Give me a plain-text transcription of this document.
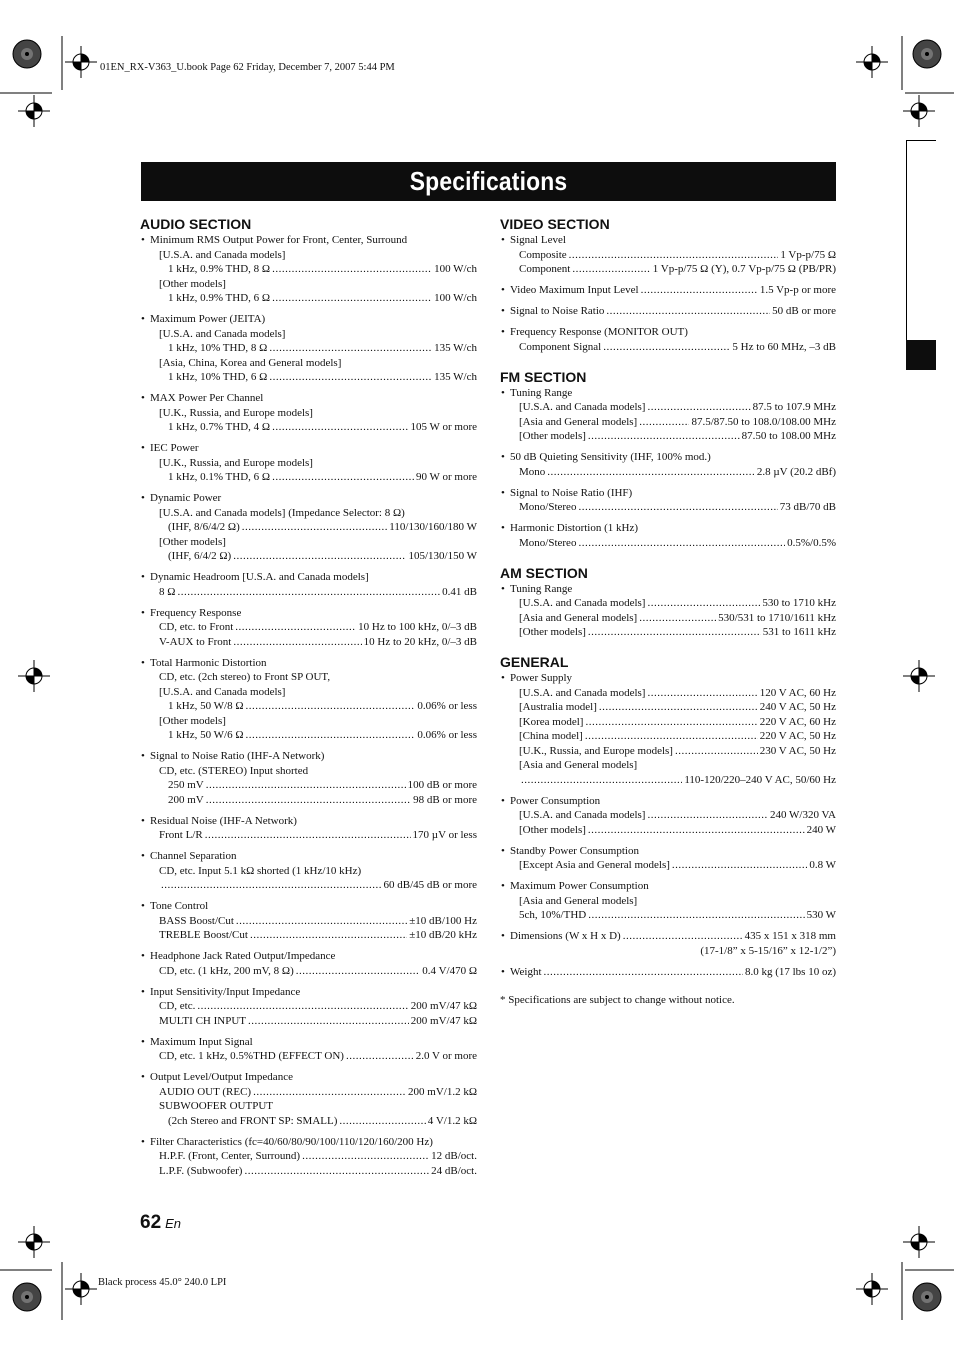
01EN_RX-V363_U.book Page 62 Friday, December 7, 2007 5:44 PM
Black process 45.0° 240.0 LPI
Specifications
AUDIO SECTION
• Minimum RMS Output Power for Front, Center, Surround
[U.S.A. and Canada models]
1 kHz, 0.9% THD, 8 Ω .....	100 W/ch
[Other models]
1 kHz, 0.9% THD, 6 Ω .....	100 W/ch
• Maximum Power (JEITA)
[U.S.A. and Canada models]
1 kHz, 10% THD, 8 Ω .....	135 W/ch
[Asia, China, Korea and General models]
1 kHz, 10% THD, 6 Ω .....	135 W/ch
• MAX Power Per Channel
[U.K., Russia, and Europe models]
1 kHz, 0.7% THD, 4 Ω .....	105 W or more
• IEC Power
[U.K., Russia, and Europe models]
1 kHz, 0.1% THD, 6 Ω .....	90 W or more
• Dynamic Power
[U.S.A. and Canada models] (Impedance Selector: 8 Ω)
(IHF, 8/6/4/2 Ω) .....	110/130/160/180 W
[Other models]
(IHF, 6/4/2 Ω) .....	105/130/150 W
• Dynamic Headroom [U.S.A. and Canada models]
8 Ω .....	0.41 dB
• Frequency Response
CD, etc. to Front .....	10 Hz to 100 kHz, 0/–3 dB
V-AUX to Front .....	10 Hz to 20 kHz, 0/–3 dB
• Total Harmonic Distortion
CD, etc. (2ch stereo) to Front SP OUT,
[U.S.A. and Canada models]
1 kHz, 50 W/8 Ω .....	0.06% or less
[Other models]
1 kHz, 50 W/6 Ω .....	0.06% or less
• Signal to Noise Ratio (IHF-A Network)
CD, etc. (STEREO) Input shorted
250 mV .....	100 dB or more
200 mV .....	98 dB or more
• Residual Noise (IHF-A Network)
Front L/R .....	170 µV or less
• Channel Separation
CD, etc. Input 5.1 kΩ shorted (1 kHz/10 kHz)
.....
60 dB/45 dB or more
• Tone Control
BASS Boost/Cut .....	±10 dB/100 Hz
TREBLE Boost/Cut .....	±10 dB/20 kHz
• Headphone Jack Rated Output/Impedance
CD, etc. (1 kHz, 200 mV, 8 Ω) .....	0.4 V/470 Ω
• Input Sensitivity/Input Impedance
CD, etc. .....	200 mV/47 kΩ
MULTI CH INPUT .....	200 mV/47 kΩ
• Maximum Input Signal
CD, etc. 1 kHz, 0.5%THD (EFFECT ON) .....	2.0 V or more
• Output Level/Output Impedance
AUDIO OUT (REC) .....	200 mV/1.2 kΩ
SUBWOOFER OUTPUT
(2ch Stereo and FRONT SP: SMALL) .....	4 V/1.2 kΩ
• Filter Characteristics (fc=40/60/80/90/100/110/120/160/200 Hz)
H.P.F. (Front, Center, Surround) .....	12 dB/oct.
L.P.F. (Subwoofer) .....	24 dB/oct.
VIDEO SECTION
• Signal Level
Composite .....	1 Vp-p/75 Ω
Component .....	1 Vp-p/75 Ω (Y), 0.7 Vp-p/75 Ω (PB/PR)
• Video Maximum Input Level .....	1.5 Vp-p or more
• Signal to Noise Ratio .....	50 dB or more
• Frequency Response (MONITOR OUT)
Component Signal .....	5 Hz to 60 MHz, –3 dB
FM SECTION
• Tuning Range
[U.S.A. and Canada models] .....	87.5 to 107.9 MHz
[Asia and General models] .....	87.5/87.50 to 108.0/108.00 MHz
[Other models] .....	87.50 to 108.00 MHz
• 50 dB Quieting Sensitivity (IHF, 100% mod.)
Mono .....	2.8 µV (20.2 dBf)
• Signal to Noise Ratio (IHF)
Mono/Stereo .....	73 dB/70 dB
• Harmonic Distortion (1 kHz)
Mono/Stereo .....	0.5%/0.5%
AM SECTION
• Tuning Range
[U.S.A. and Canada models] .....	530 to 1710 kHz
[Asia and General models] .....	530/531 to 1710/1611 kHz
[Other models] .....	531 to 1611 kHz
GENERAL
• Power Supply
[U.S.A. and Canada models] .....	120 V AC, 60 Hz
[Australia model] .....	240 V AC, 50 Hz
[Korea model] .....	220 V AC, 60 Hz
[China model] .....	220 V AC, 50 Hz
[U.K., Russia, and Europe models] .....	230 V AC, 50 Hz
[Asia and General models]
.....
110-120/220–240 V AC, 50/60 Hz
• Power Consumption
[U.S.A. and Canada models] .....	240 W/320 VA
[Other models] .....	240 W
• Standby Power Consumption
[Except Asia and General models] .....	0.8 W
• Maximum Power Consumption
[Asia and General models]
5ch, 10%/THD .....	530 W
• Dimensions (W x H x D) .....	435 x 151 x 318 mm
(17-1/8” x 5-15/16” x 12-1/2”)
• Weight .....	8.0 kg (17 lbs 10 oz)
* Specifications are subject to change without notice.
62 En
